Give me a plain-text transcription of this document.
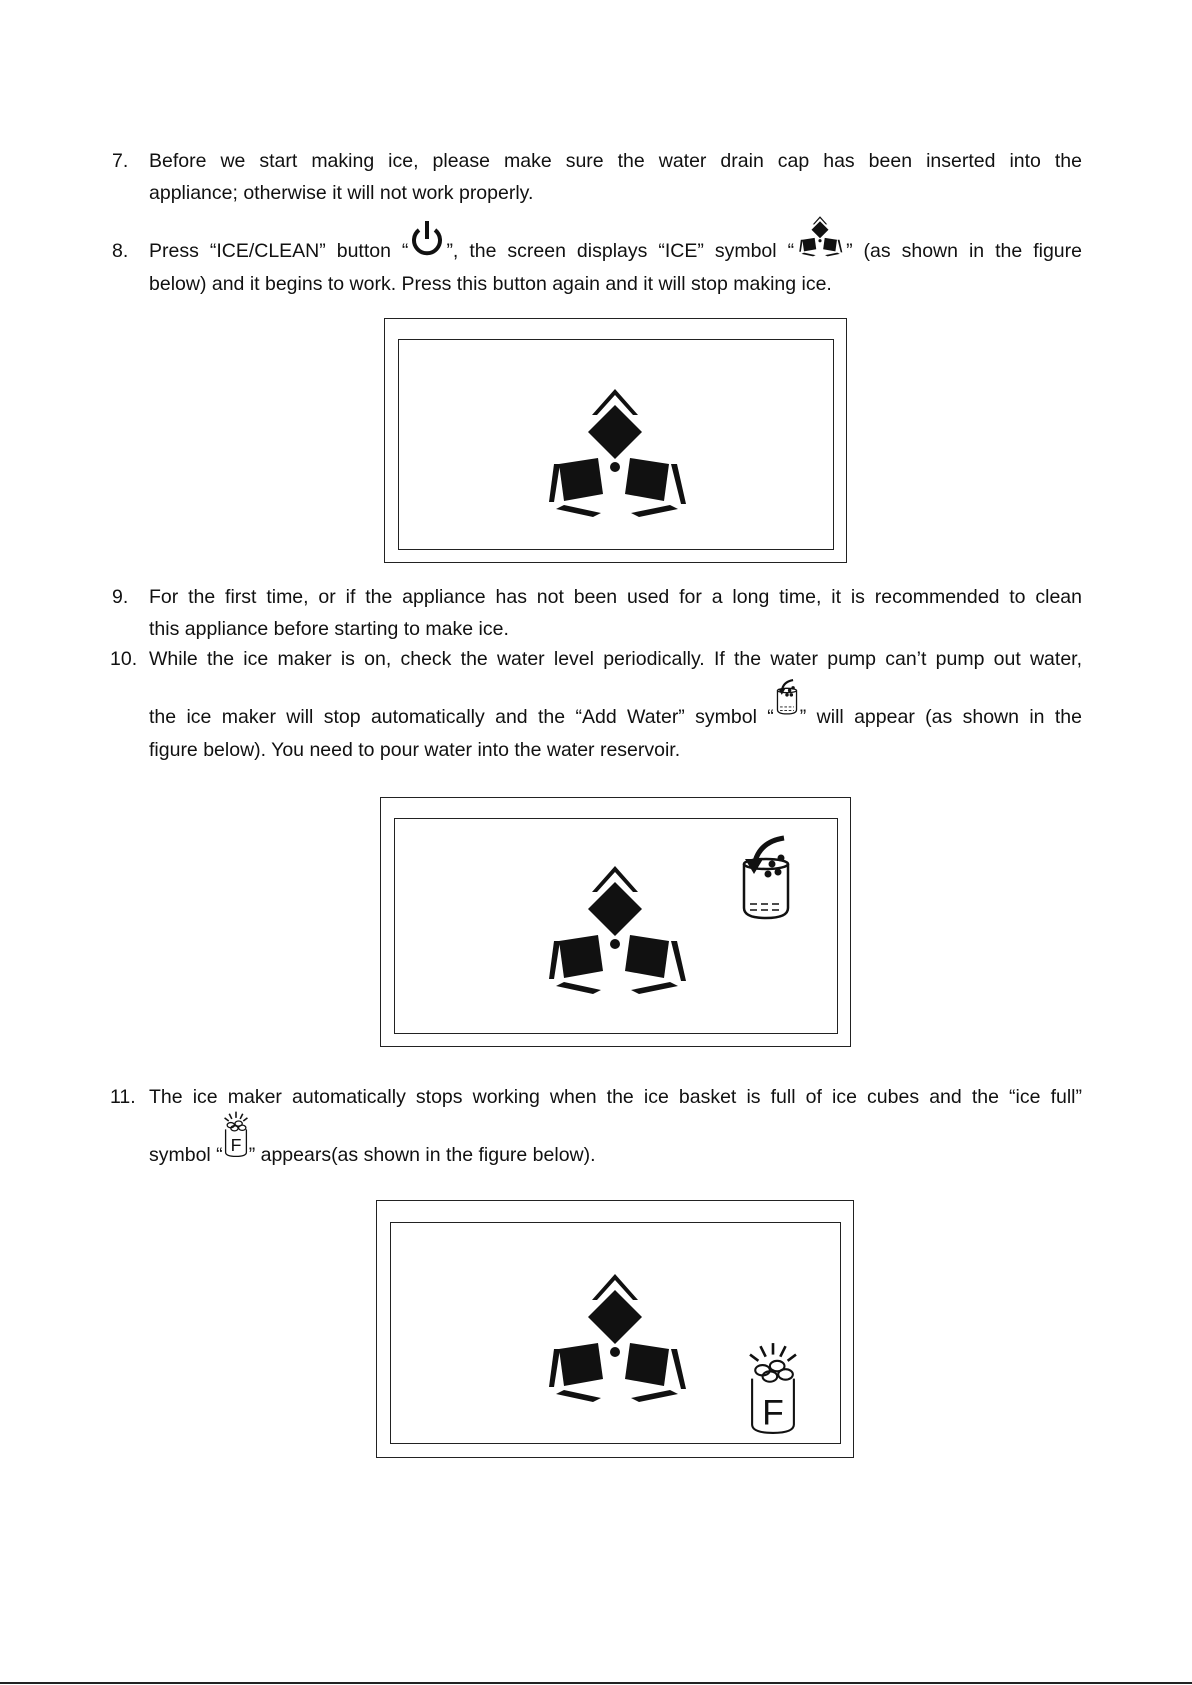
7. Before we start making ice, please make sure the water drain cap has been inserted into the
appliance; otherwise it will not work properly.
8. Press “ICE/CLEAN” button “ ”, the screen displays “ICE” symbol “	” (as shown in the figure
below) and it begins to work. Press this button again and it will stop making ice.
9. For the first time, or if the appliance has not been used for a long time, it is recommended to clean
this appliance before starting to make ice.
10. While the ice maker is on, check the water level periodically. If the water pump can’t pump out water,
the ice maker will stop automatically and the “Add Water” symbol “ ” will appear (as shown in the
figure below). You need to pour water into the water reservoir.
11. The ice maker automatically stops working when the ice basket is full of ice cubes and the “ice full”
symbol “ F ” appears(as shown in the figure below).
F
